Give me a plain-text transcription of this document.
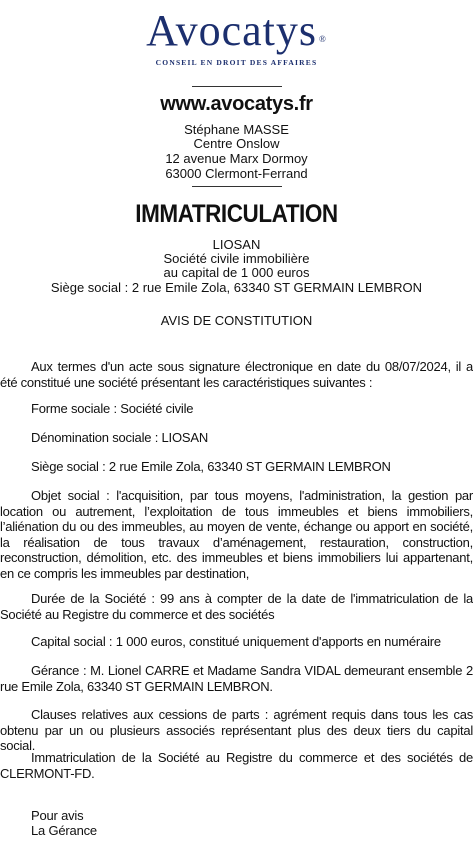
Avocatys ®
CONSEIL EN DROIT DES AFFAIRES
www.avocatys.fr
Stéphane MASSE
Centre Onslow
12 avenue Marx Dormoy
63000 Clermont-Ferrand
IMMATRICULATION
LIOSAN
Société civile immobilière
au capital de 1 000 euros
Siège social : 2 rue Emile Zola, 63340 ST GERMAIN LEMBRON
AVIS DE CONSTITUTION
Aux termes d'un acte sous signature électronique en date du 08/07/2024, il a été constitué une société présentant les caractéristiques suivantes :
Forme sociale : Société civile
Dénomination sociale : LIOSAN
Siège social : 2 rue Emile Zola, 63340 ST GERMAIN LEMBRON
Objet social : l'acquisition, par tous moyens, l'administration, la gestion par location ou autrement, l’exploitation de tous immeubles et biens immobiliers, l’aliénation du ou des immeubles, au moyen de vente, échange ou apport en société, la réalisation de tous travaux d’aménagement, restauration, construction, reconstruction, démolition, etc. des immeubles et biens immobiliers lui appartenant, en ce compris les immeubles par destination,
Durée de la Société : 99 ans à compter de la date de l'immatriculation de la Société au Registre du commerce et des sociétés
Capital social : 1 000 euros, constitué uniquement d'apports en numéraire
Gérance : M. Lionel CARRE et Madame Sandra VIDAL demeurant ensemble 2 rue Emile Zola, 63340 ST GERMAIN LEMBRON.
Clauses relatives aux cessions de parts : agrément requis dans tous les cas obtenu par un ou plusieurs associés représentant plus des deux tiers du capital social.
Immatriculation de la Société au Registre du commerce et des sociétés de CLERMONT-FD.
Pour avis
La Gérance
